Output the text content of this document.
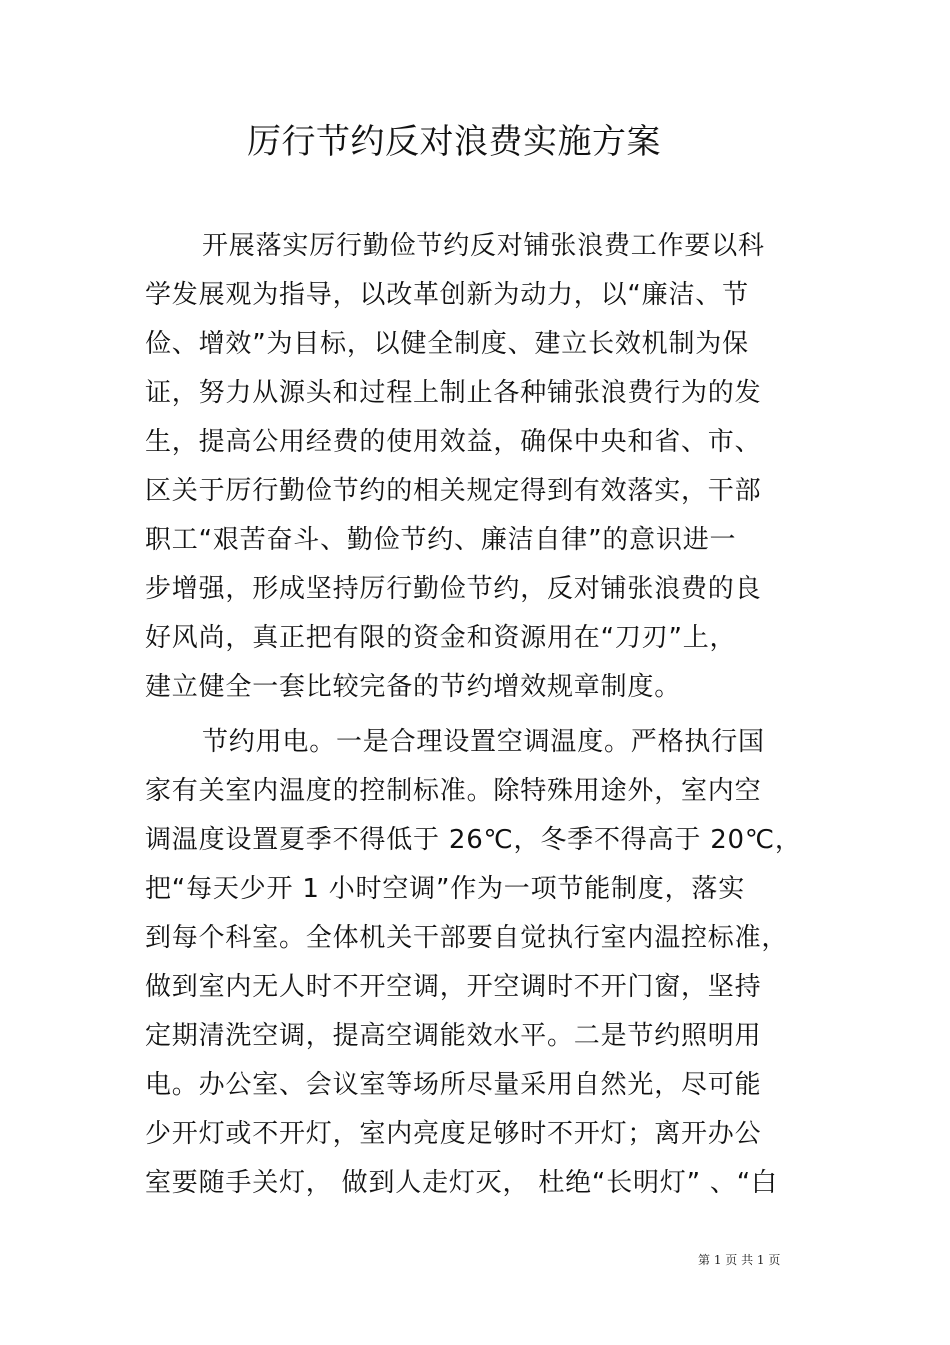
厉行节约反对浪费实施方案
开展落实厉行勤俭节约反对铺张浪费工作要以科
学发展观为指导，以改革创新为动力，以“廉洁、节
俭、增效”为目标，以健全制度、建立长效机制为保
证，努力从源头和过程上制止各种铺张浪费行为的发
生，提高公用经费的使用效益，确保中央和省、市、
区关于厉行勤俭节约的相关规定得到有效落实，干部
职工“艰苦奋斗、勤俭节约、廉洁自律”的意识进一
步增强，形成坚持厉行勤俭节约，反对铺张浪费的良
好风尚，真正把有限的资金和资源用在“刀刃”上，
建立健全一套比较完备的节约增效规章制度。
节约用电。一是合理设置空调温度。严格执行国
家有关室内温度的控制标准。除特殊用途外，室内空
调温度设置夏季不得低于 26℃，冬季不得高于 20℃，
把“每天少开 1 小时空调”作为一项节能制度，落实
到每个科室。全体机关干部要自觉执行室内温控标准，
做到室内无人时不开空调，开空调时不开门窗，坚持
定期清洗空调，提高空调能效水平。二是节约照明用
电。办公室、会议室等场所尽量采用自然光，尽可能
少开灯或不开灯，室内亮度足够时不开灯；离开办公
室要随手关灯， 做到人走灯灭， 杜绝“长明灯” 、“白
第 1 页 共 1 页
